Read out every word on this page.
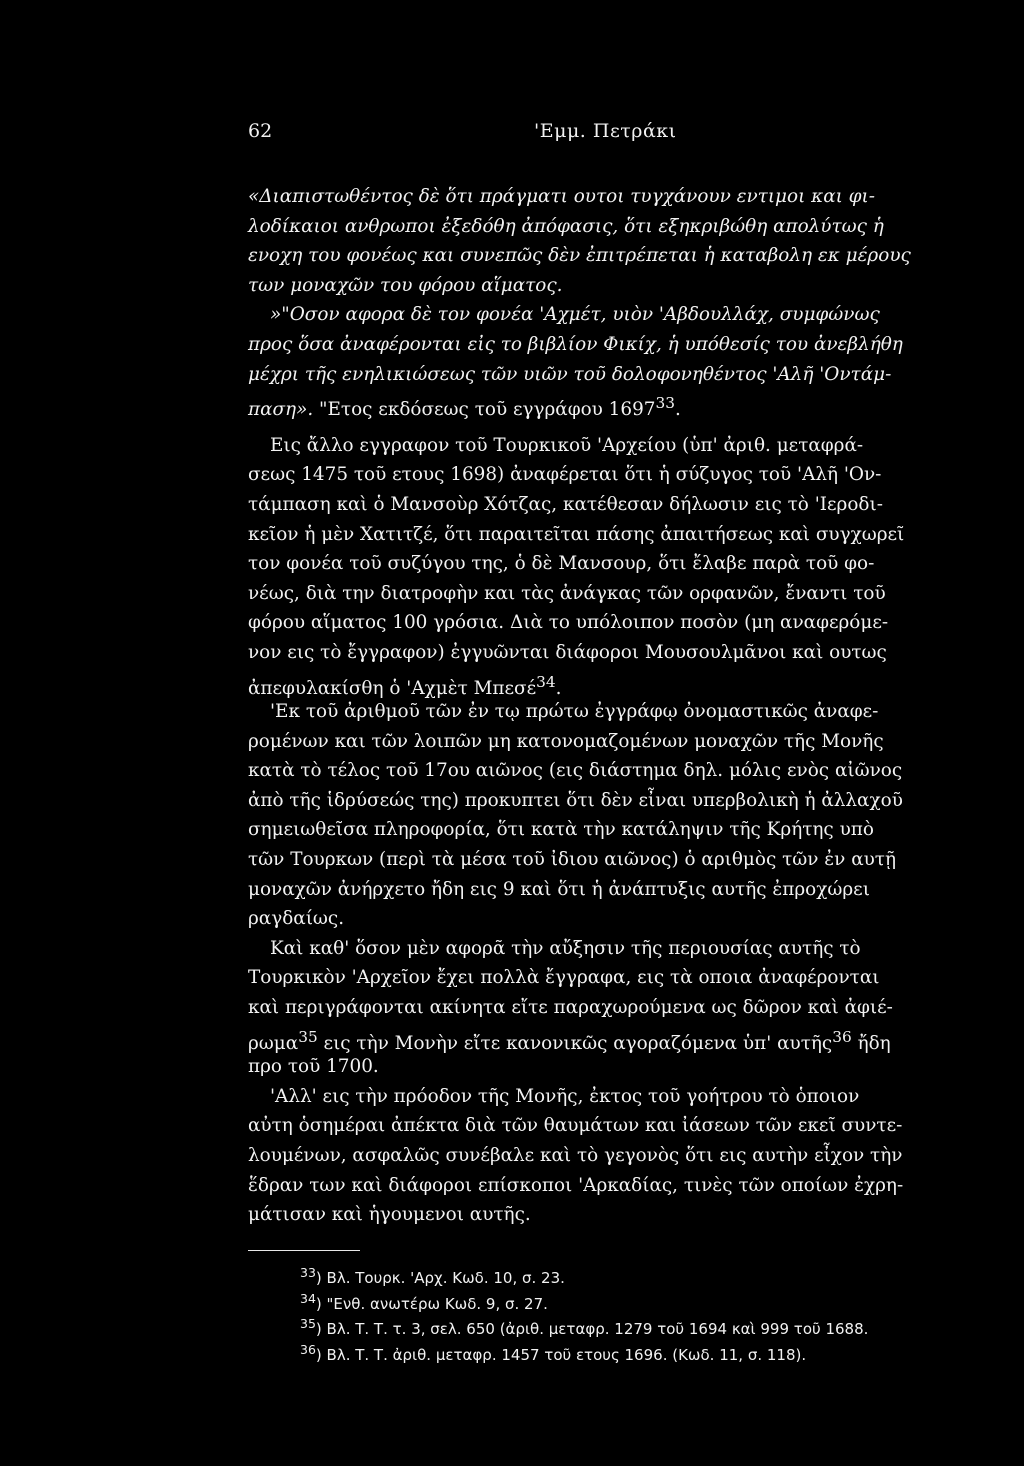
62	'Εμμ. Πετράκι
«Διαπιστωθέντος δὲ ὅτι πράγματι ουτοι τυγχάνουν εντιμοι και φι-
λοδίκαιοι ανθρωποι ἐξεδόθη ἀπόφασις, ὅτι εξηκριβώθη απολύτως ἡ
ενοχη του φονέως και συνεπῶς δὲν ἐπιτρέπεται ἡ καταβολη εκ μέρους
των μοναχῶν του φόρου αἵματος.
»"Οσον αφορα δὲ τον φονέα 'Αχμέτ, υιὸν 'Αβδουλλάχ, συμφώνως
προς ὅσα ἀναφέρονται εἰς το βιβλίον Φικίχ, ἡ υπόθεσίς του ἀνεβλήθη
μέχρι τῆς ενηλικιώσεως τῶν υιῶν τοῦ δολοφονηθέντος 'Αλῆ 'Οντάμ-
παση». "Ετος εκδόσεως τοῦ εγγράφου 1697$^{33}$.
Εις ἄλλο εγγραφον τοῦ Τουρκικοῦ 'Αρχείου (ὑπ' ἀριθ. μεταφρά-
σεως 1475 τοῦ ετους 1698) ἀναφέρεται ὅτι ἡ σύζυγος τοῦ 'Αλῆ 'Ον-
τάμπαση καὶ ὁ Μανσοὺρ Χότζας, κατέθεσαν δήλωσιν εις τὸ 'Ιεροδι-
κεῖον ἡ μὲν Χατιτζέ, ὅτι παραιτεῖται πάσης ἀπαιτήσεως καὶ συγχωρεῖ
τον φονέα τοῦ συζύγου της, ὁ δὲ Μανσουρ, ὅτι ἔλαβε παρὰ τοῦ φο-
νέως, διὰ την διατροφὴν και τὰς ἀνάγκας τῶν ορφανῶν, ἔναντι τοῦ
φόρου αἵματος 100 γρόσια. Διὰ το υπόλοιπον ποσὸν (μη αναφερόμε-
νον εις τὸ ἔγγραφον) ἐγγυῶνται διάφοροι Μουσουλμᾶνοι καὶ ουτως
ἀπεφυλακίσθη ὁ 'Αχμὲτ Μπεσέ$^{34}$.
'Εκ τοῦ ἀριθμοῦ τῶν ἐν τῳ πρώτω ἐγγράφῳ ὀνομαστικῶς ἀναφε-
ρομένων και τῶν λοιπῶν μη κατονομαζομένων μοναχῶν τῆς Μονῆς
κατὰ τὸ τέλος τοῦ 17ου αιῶνος (εις διάστημα δηλ. μόλις ενὸς αἰῶνος
ἀπὸ τῆς ἱδρύσεώς της) προκυπτει ὅτι δὲν εἶναι υπερβολικὴ ἡ ἀλλαχοῦ
σημειωθεῖσα πληροφορία, ὅτι κατὰ τὴν κατάληψιν τῆς Κρήτης υπὸ
τῶν Τουρκων (περὶ τὰ μέσα τοῦ ἰδιου αιῶνος) ὁ αριθμὸς τῶν ἐν αυτῇ
μοναχῶν ἀνήρχετο ἤδη εις 9 καὶ ὅτι ἡ ἀνάπτυξις αυτῆς ἐπροχώρει
ραγδαίως.
Καὶ καθ' ὅσον μὲν αφορᾶ τὴν αὔξησιν τῆς περιουσίας αυτῆς τὸ
Τουρκικὸν 'Αρχεῖον ἔχει πολλὰ ἔγγραφα, εις τὰ οποια ἀναφέρονται
καὶ περιγράφονται ακίνητα εἴτε παραχωρούμενα ως δῶρον καὶ ἀφιέ-
ρωμα$^{35}$ εις τὴν Μονὴν εἴτε κανονικῶς αγοραζόμενα ὑπ' αυτῆς$^{36}$ ἤδη
προ τοῦ 1700.
'Αλλ' εις τὴν πρόοδον τῆς Μονῆς, ἐκτος τοῦ γοήτρου τὸ ὁποιον
αὐτη ὁσημέραι ἀπέκτα διὰ τῶν θαυμάτων και ἰάσεων τῶν εκεῖ συντε-
λουμένων, ασφαλῶς συνέβαλε καὶ τὸ γεγονὸς ὅτι εις αυτὴν εἶχον τὴν
ἕδραν των καὶ διάφοροι επίσκοποι 'Αρκαδίας, τινὲς τῶν οποίων ἐχρη-
μάτισαν καὶ ἡγουμενοι αυτῆς.
$^{33}$) Βλ. Τουρκ. 'Αρχ. Κωδ. 10, σ. 23.
$^{34}$) "Ενθ. ανωτέρω Κωδ. 9, σ. 27.
$^{35}$) Βλ. Τ. Τ. τ. 3, σελ. 650 (ἀριθ. μεταφρ. 1279 τοῦ 1694 καὶ 999 τοῦ 1688.
$^{36}$) Βλ. Τ. Τ. ἀριθ. μεταφρ. 1457 τοῦ ετους 1696. (Κωδ. 11, σ. 118).
